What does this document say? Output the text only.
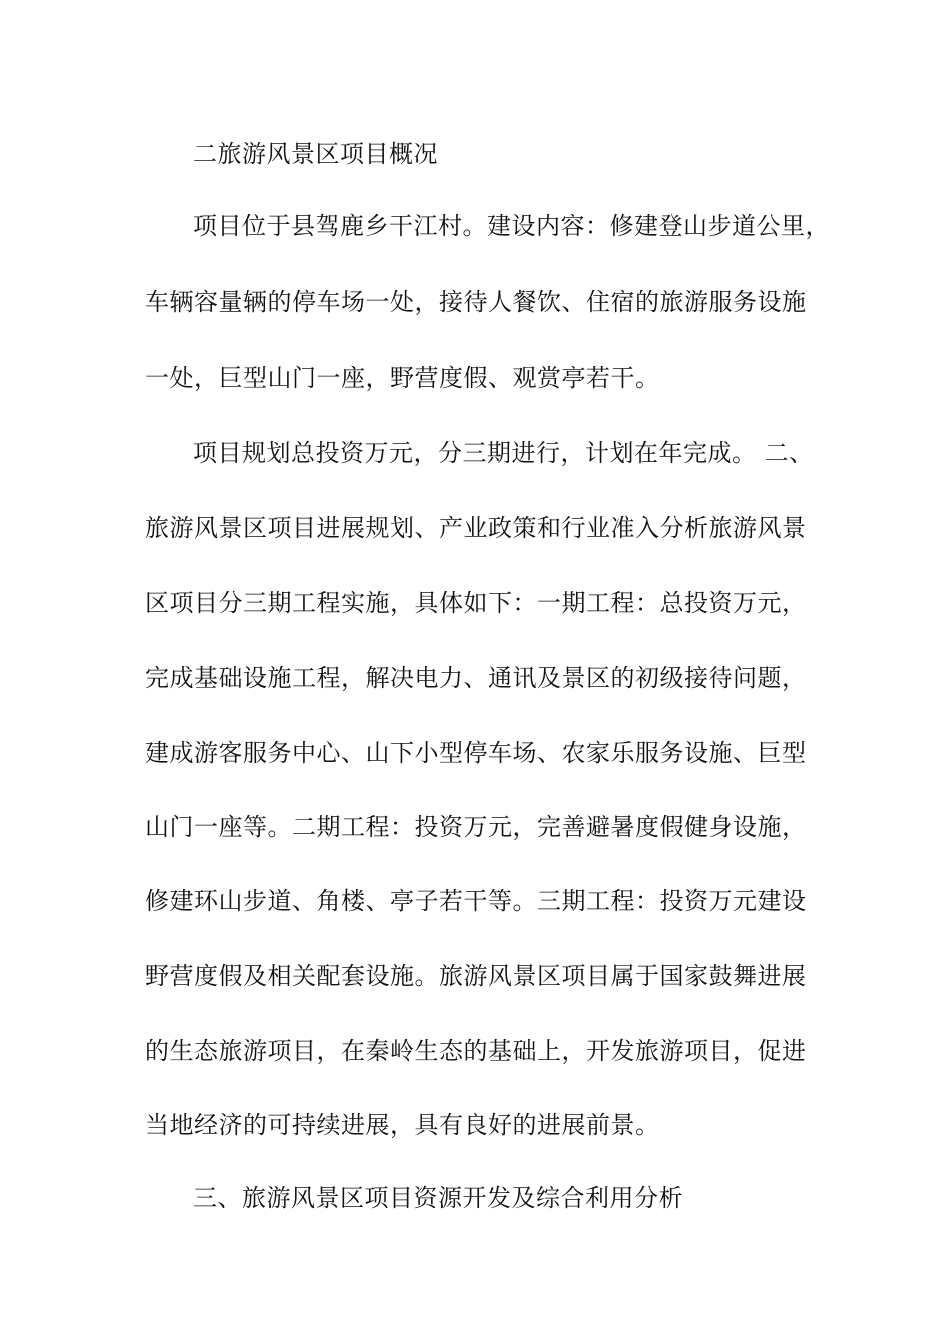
二旅游风景区项目概况
项目位于县驾鹿乡干江村。建设内容：修建登山步道公里，
车辆容量辆的停车场一处，接待人餐饮、住宿的旅游服务设施
一处，巨型山门一座，野营度假、观赏亭若干。
项目规划总投资万元，分三期进行，计划在年完成。 二、
旅游风景区项目进展规划、产业政策和行业准入分析旅游风景
区项目分三期工程实施，具体如下：一期工程：总投资万元，
完成基础设施工程，解决电力、通讯及景区的初级接待问题，
建成游客服务中心、山下小型停车场、农家乐服务设施、巨型
山门一座等。二期工程：投资万元，完善避暑度假健身设施，
修建环山步道、角楼、亭子若干等。三期工程：投资万元建设
野营度假及相关配套设施。旅游风景区项目属于国家鼓舞进展
的生态旅游项目，在秦岭生态的基础上，开发旅游项目，促进
当地经济的可持续进展，具有良好的进展前景。
三、旅游风景区项目资源开发及综合利用分析
